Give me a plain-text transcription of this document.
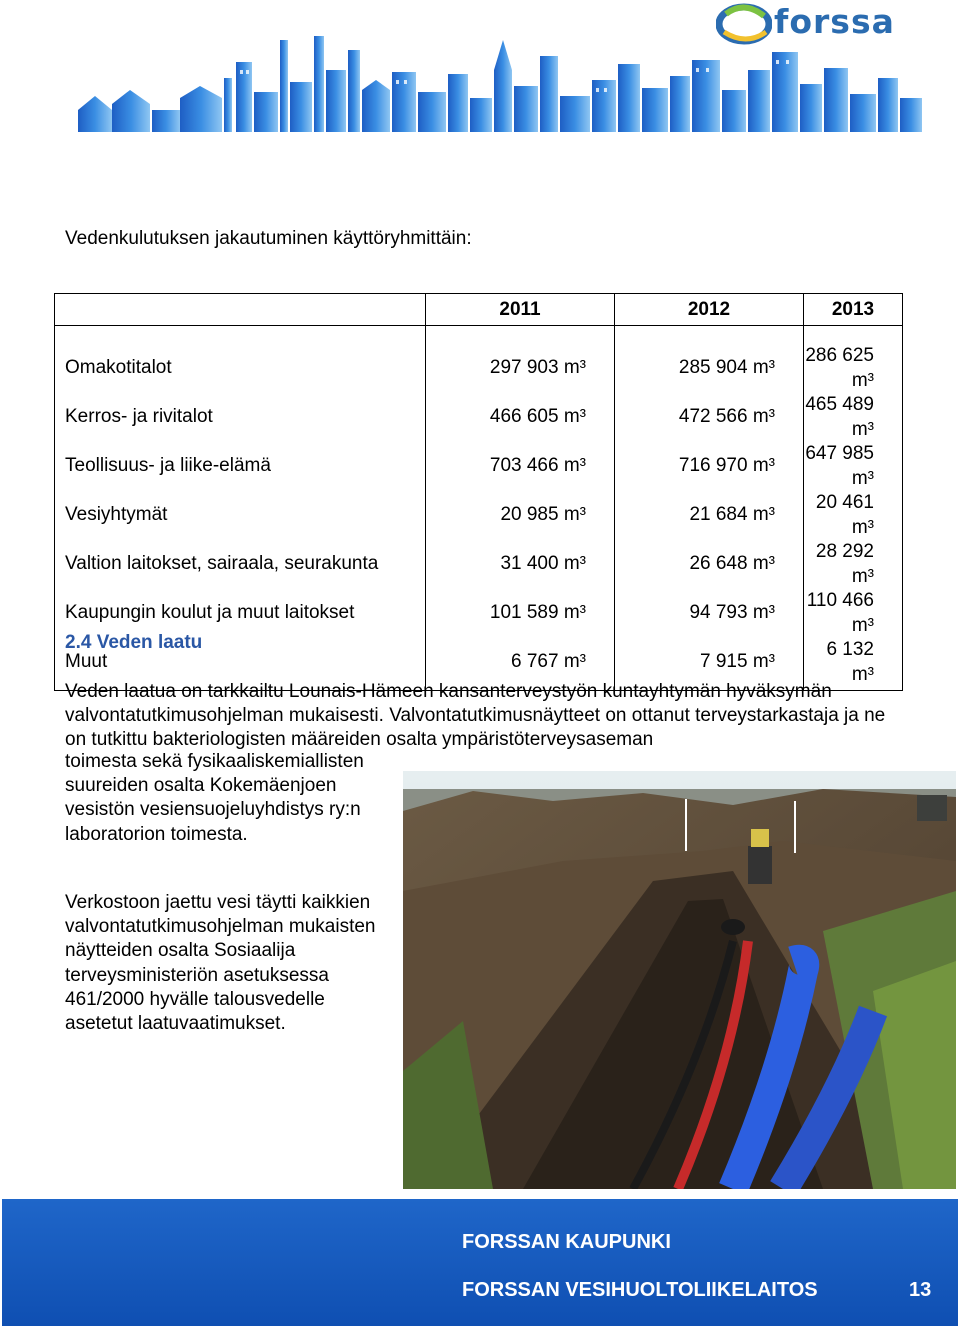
forssa
Vedenkulutuksen jakautuminen käyttöryhmittäin:
	2011	2012	2013

Omakotitalot	297 903 m³	285 904 m³	286 625 m³
Kerros- ja rivitalot	466 605 m³	472 566 m³	465 489 m³
Teollisuus- ja liike-elämä	703 466 m³	716 970 m³	647 985 m³
Vesiyhtymät	20 985 m³	21 684 m³	20 461 m³
Valtion laitokset, sairaala, seurakunta	31 400 m³	26 648 m³	28 292 m³
Kaupungin koulut ja muut laitokset	101 589 m³	94 793 m³	110 466 m³
Muut	6 767 m³	7 915 m³	6 132 m³
2.4 Veden laatu
Veden laatua on tarkkailtu Lounais-Hämeen kansanterveystyön kuntayhtymän hyväksymän valvontatutkimusohjelman mukaisesti. Valvontatutkimusnäytteet on ottanut terveystarkastaja ja ne on tutkittu bakteriologisten määreiden osalta ympäristöterveysaseman
toimesta sekä fysikaaliskemiallisten suureiden osalta Kokemäenjoen vesistön vesiensuojeluyhdistys ry:n laboratorion toimesta.
Verkostoon jaettu vesi täytti kaikkien valvontatutkimusohjelman mukaisten näytteiden osalta Sosiaalija terveysministeriön asetuksessa 461/2000 hyvälle talousvedelle asetetut laatuvaatimukset.
FORSSAN KAUPUNKI
FORSSAN VESIHUOLTOLIIKELAITOS	13
